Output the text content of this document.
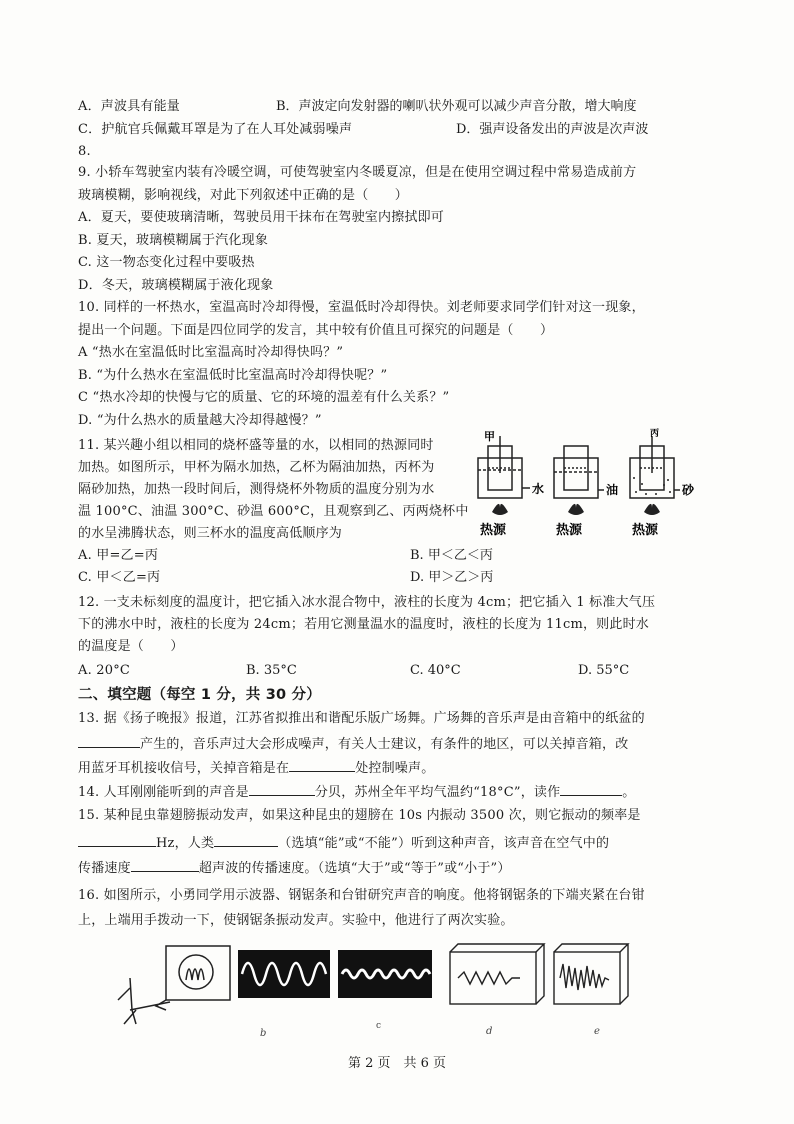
A．声波具有能量	B．声波定向发射器的喇叭状外观可以减少声音分散，增大响度
C．护航官兵佩戴耳罩是为了在人耳处减弱噪声	D．强声设备发出的声波是次声波
8.
9. 小轿车驾驶室内装有冷暖空调，可使驾驶室内冬暖夏凉，但是在使用空调过程中常易造成前方
玻璃模糊，影响视线，对此下列叙述中正确的是（　　）
A．夏天，要使玻璃清晰，驾驶员用干抹布在驾驶室内擦拭即可
B. 夏天，玻璃模糊属于汽化现象
C. 这一物态变化过程中要吸热
D．冬天，玻璃模糊属于液化现象
10. 同样的一杯热水，室温高时冷却得慢，室温低时冷却得快。刘老师要求同学们针对这一现象，
提出一个问题。下面是四位同学的发言，其中较有价值且可探究的问题是（　　）
A “热水在室温低时比室温高时冷却得快吗？”
B. “为什么热水在室温低时比室温高时冷却得快呢？”
C “热水冷却的快慢与它的质量、它的环境的温差有什么关系？”
D. “为什么热水的质量越大冷却得越慢？”
11. 某兴趣小组以相同的烧杯盛等量的水，以相同的热源同时
加热。如图所示，甲杯为隔水加热，乙杯为隔油加热，丙杯为
隔砂加热，加热一段时间后，测得烧杯外物质的温度分别为水
温 100°C、油温 300°C、砂温 600°C，且观察到乙、丙两烧杯中
的水呈沸腾状态，则三杯水的温度高低顺序为
A. 甲=乙=丙	B. 甲＜乙＜丙
C. 甲＜乙=丙	D. 甲＞乙＞丙
甲	丙
水	油	砂
热源	热源	热源
12. 一支未标刻度的温度计，把它插入冰水混合物中，液柱的长度为 4cm；把它插入 1 标准大气压
下的沸水中时，液柱的长度为 24cm；若用它测量温水的温度时，液柱的长度为 11cm，则此时水
的温度是（　　）
A. 20°C	B. 35°C	C. 40°C	D. 55°C
二、填空题（每空 1 分，共 30 分）
13. 据《扬子晚报》报道，江苏省拟推出和谐配乐版广场舞。广场舞的音乐声是由音箱中的纸盆的
产生的，音乐声过大会形成噪声，有关人士建议，有条件的地区，可以关掉音箱，改
用蓝牙耳机接收信号，关掉音箱是在	处控制噪声。
14. 人耳刚刚能听到的声音是	分贝，苏州全年平均气温约“18°C”，读作	。
15. 某种昆虫靠翅膀振动发声，如果这种昆虫的翅膀在 10s 内振动 3500 次，则它振动的频率是
Hz，人类	（选填“能”或“不能”）听到这种声音，该声音在空气中的
传播速度	超声波的传播速度。（选填“大于”或“等于”或“小于”）
16. 如图所示，小勇同学用示波器、钢锯条和台钳研究声音的响度。他将钢锯条的下端夹紧在台钳
上，上端用手拨动一下，使钢锯条振动发声。实验中，他进行了两次实验。
b
c	d	e
第 2 页　共 6 页
